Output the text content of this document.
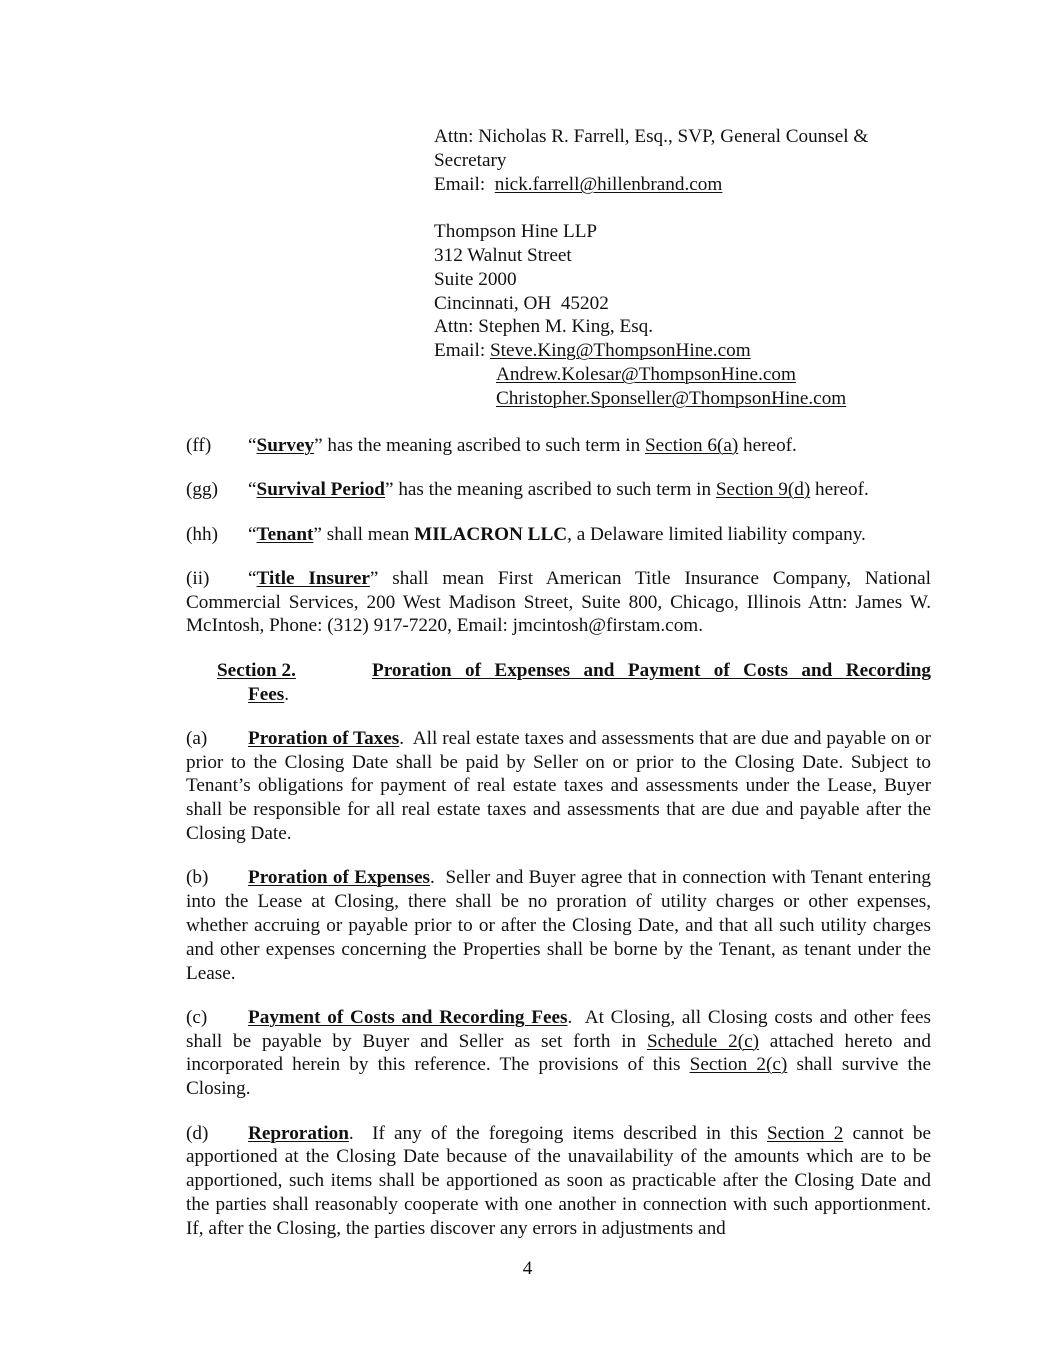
Attn: Nicholas R. Farrell, Esq., SVP, General Counsel &
Secretary
Email:  nick.farrell@hillenbrand.com
Thompson Hine LLP
312 Walnut Street
Suite 2000
Cincinnati, OH  45202
Attn: Stephen M. King, Esq.
Email: Steve.King@ThompsonHine.com
Andrew.Kolesar@ThompsonHine.com
Christopher.Sponseller@ThompsonHine.com

(ff) “Survey” has the meaning ascribed to such term in Section 6(a) hereof.

(gg) “Survival Period” has the meaning ascribed to such term in Section 9(d) hereof.

(hh) “Tenant” shall mean MILACRON LLC, a Delaware limited liability company.

(ii) “Title Insurer” shall mean First American Title Insurance Company, National Commercial Services, 200 West Madison Street, Suite 800, Chicago, Illinois Attn: James W. McIntosh, Phone: (312) 917-7220, Email: jmcintosh@firstam.com.

Section 2.	Proration of Expenses and Payment of Costs and Recording
Fees.

(a) Proration of Taxes.  All real estate taxes and assessments that are due and payable on or prior to the Closing Date shall be paid by Seller on or prior to the Closing Date. Subject to Tenant’s obligations for payment of real estate taxes and assessments under the Lease, Buyer shall be responsible for all real estate taxes and assessments that are due and payable after the Closing Date.

(b) Proration of Expenses.  Seller and Buyer agree that in connection with Tenant entering into the Lease at Closing, there shall be no proration of utility charges or other expenses, whether accruing or payable prior to or after the Closing Date, and that all such utility charges and other expenses concerning the Properties shall be borne by the Tenant, as tenant under the Lease.

(c) Payment of Costs and Recording Fees.  At Closing, all Closing costs and other fees shall be payable by Buyer and Seller as set forth in Schedule 2(c) attached hereto and incorporated herein by this reference. The provisions of this Section 2(c) shall survive the Closing.

(d) Reproration.  If any of the foregoing items described in this Section 2 cannot be apportioned at the Closing Date because of the unavailability of the amounts which are to be apportioned, such items shall be apportioned as soon as practicable after the Closing Date and the parties shall reasonably cooperate with one another in connection with such apportionment.  If, after the Closing, the parties discover any errors in adjustments and

4
